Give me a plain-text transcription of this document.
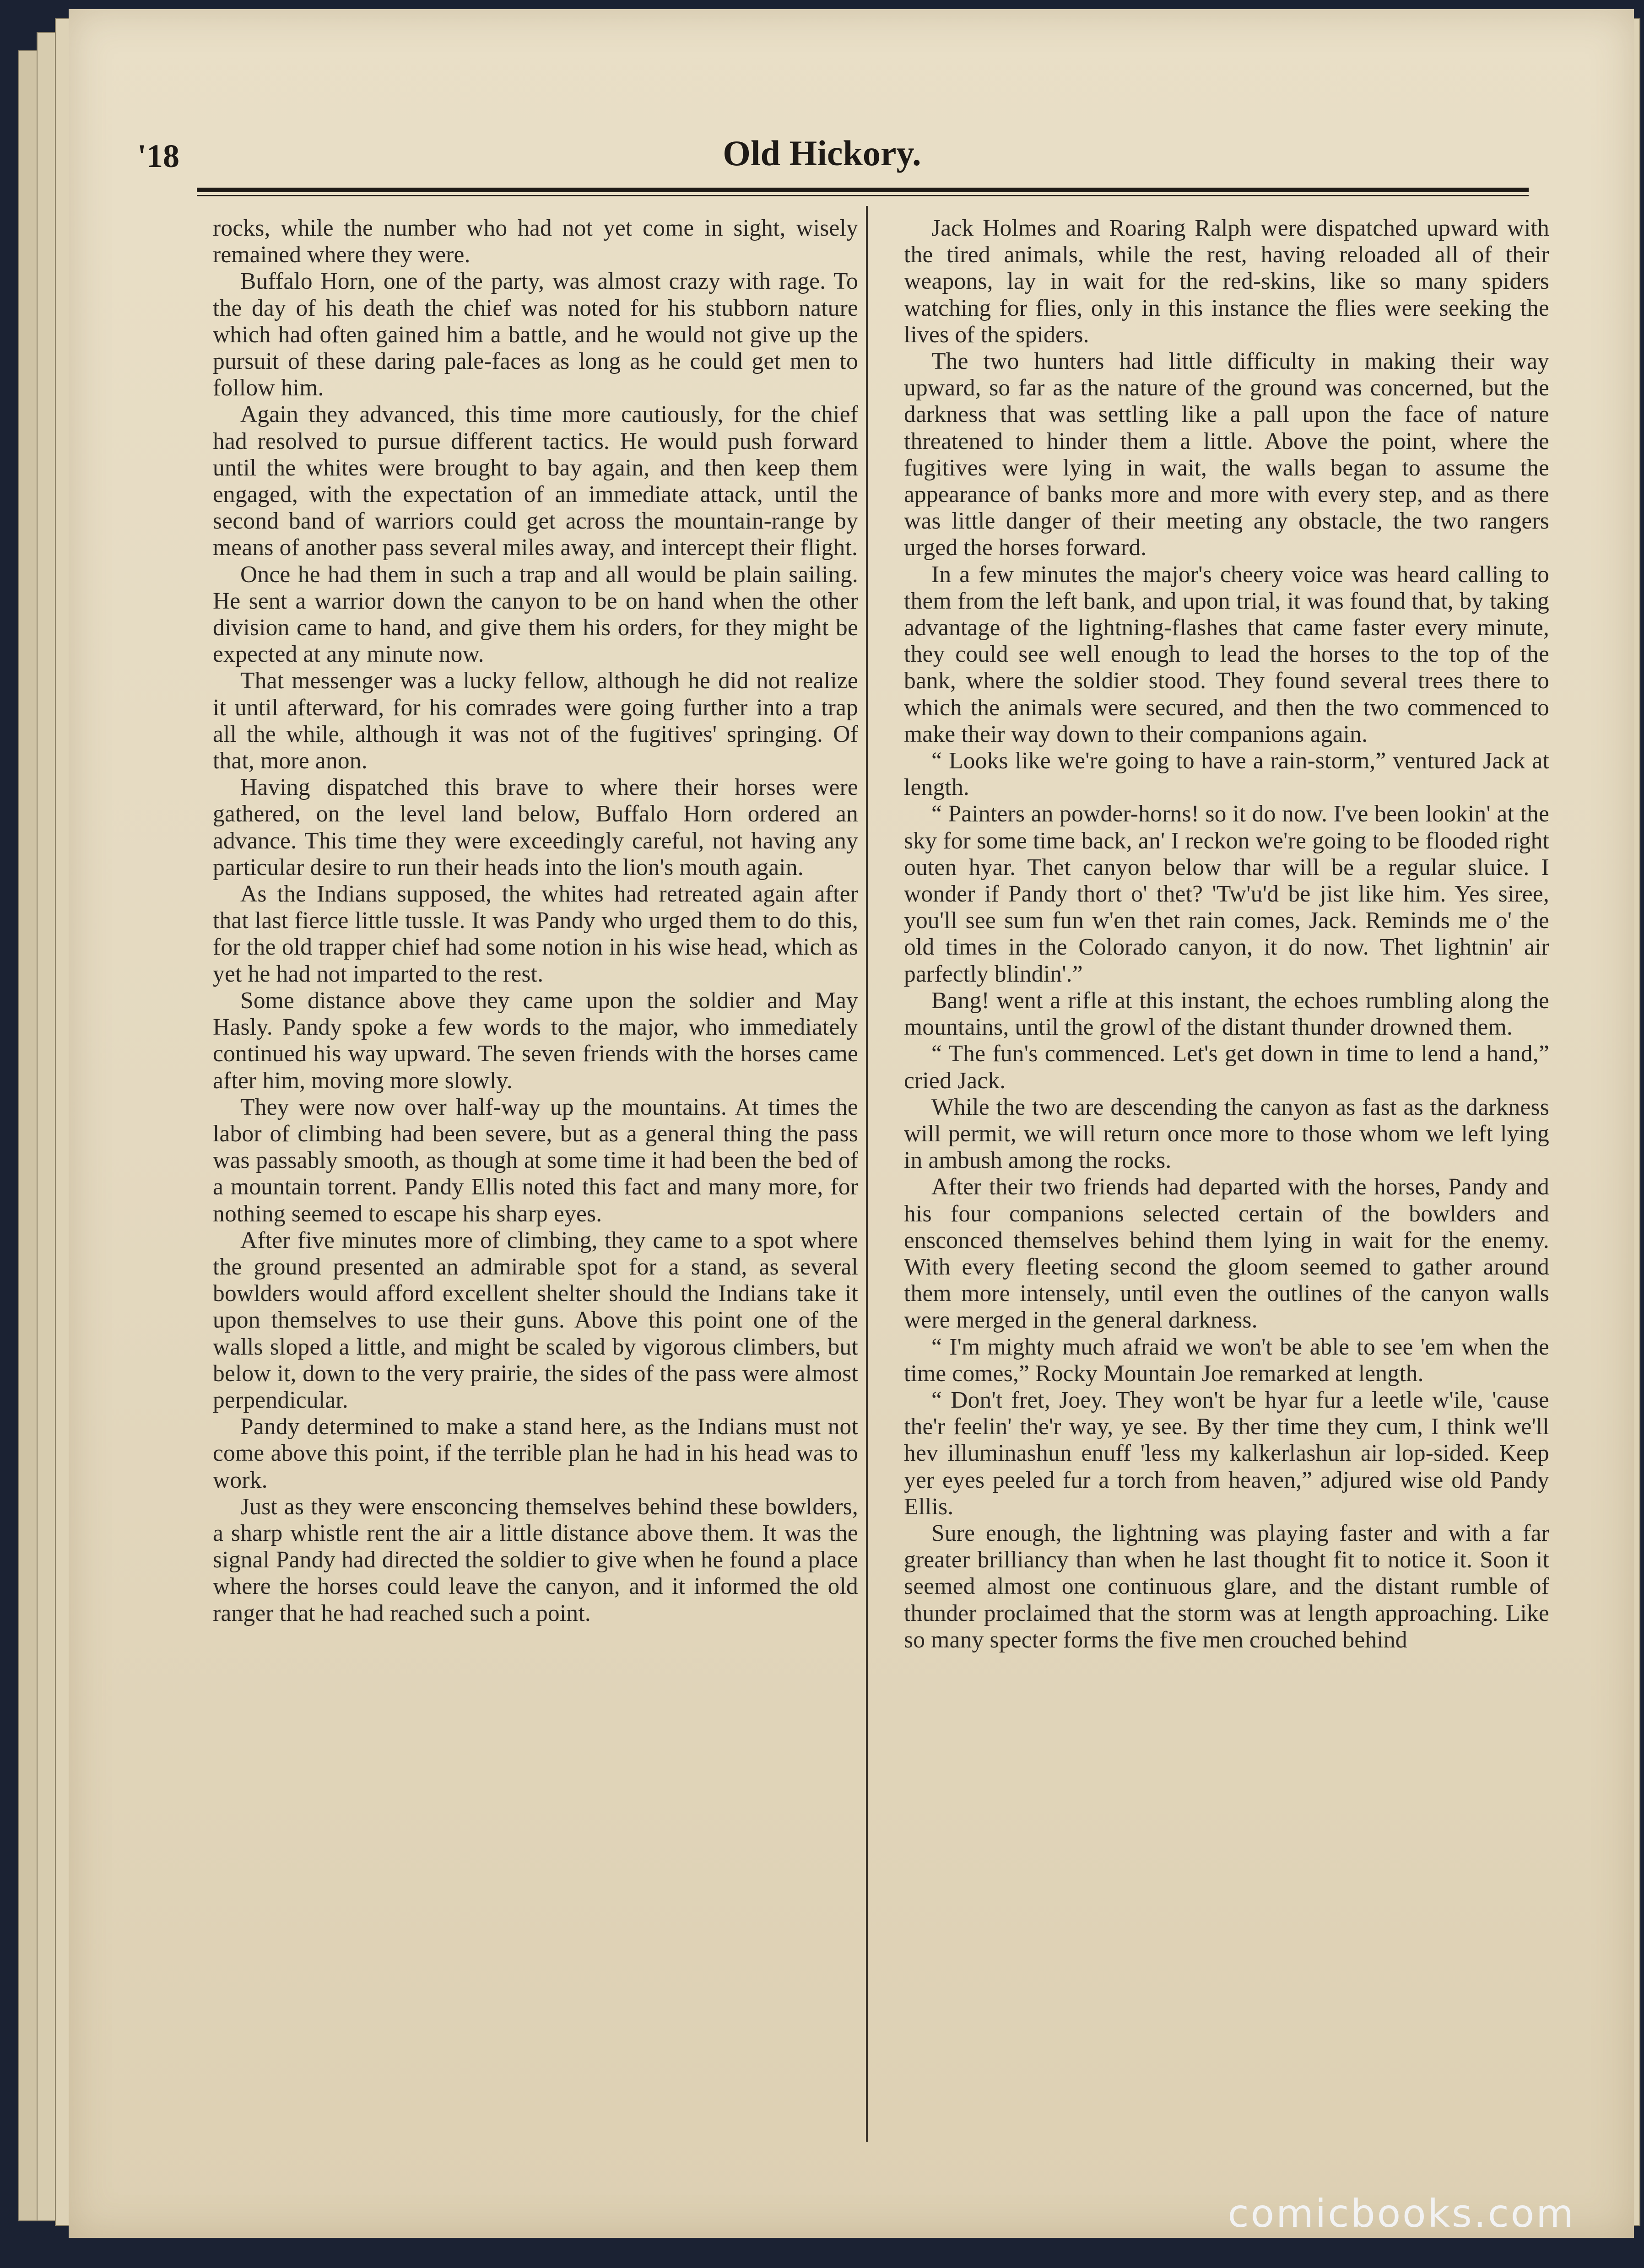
'18	Old Hickory.

rocks, while the number who had not yet come in sight, wisely remained where they were.

Buffalo Horn, one of the party, was almost crazy with rage. To the day of his death the chief was noted for his stubborn nature which had often gained him a battle, and he would not give up the pursuit of these daring pale-faces as long as he could get men to follow him.

Again they advanced, this time more cautiously, for the chief had resolved to pursue different tactics. He would push forward until the whites were brought to bay again, and then keep them engaged, with the expectation of an immediate attack, until the second band of warriors could get across the mountain-range by means of another pass several miles away, and intercept their flight.

Once he had them in such a trap and all would be plain sailing. He sent a warrior down the canyon to be on hand when the other division came to hand, and give them his orders, for they might be expected at any minute now.

That messenger was a lucky fellow, although he did not realize it until afterward, for his comrades were going further into a trap all the while, although it was not of the fugitives' springing. Of that, more anon.

Having dispatched this brave to where their horses were gathered, on the level land below, Buffalo Horn ordered an advance. This time they were exceedingly careful, not having any particular desire to run their heads into the lion's mouth again.

As the Indians supposed, the whites had retreated again after that last fierce little tussle. It was Pandy who urged them to do this, for the old trapper chief had some notion in his wise head, which as yet he had not imparted to the rest.

Some distance above they came upon the soldier and May Hasly. Pandy spoke a few words to the major, who immediately continued his way upward. The seven friends with the horses came after him, moving more slowly.

They were now over half-way up the mountains. At times the labor of climbing had been severe, but as a general thing the pass was passably smooth, as though at some time it had been the bed of a mountain torrent. Pandy Ellis noted this fact and many more, for nothing seemed to escape his sharp eyes.

After five minutes more of climbing, they came to a spot where the ground presented an admirable spot for a stand, as several bowlders would afford excellent shelter should the Indians take it upon themselves to use their guns. Above this point one of the walls sloped a little, and might be scaled by vigorous climbers, but below it, down to the very prairie, the sides of the pass were almost perpendicular.

Pandy determined to make a stand here, as the Indians must not come above this point, if the terrible plan he had in his head was to work.

Just as they were ensconcing themselves behind these bowlders, a sharp whistle rent the air a little distance above them. It was the signal Pandy had directed the soldier to give when he found a place where the horses could leave the canyon, and it informed the old ranger that he had reached such a point.

Jack Holmes and Roaring Ralph were dispatched upward with the tired animals, while the rest, having reloaded all of their weapons, lay in wait for the red-skins, like so many spiders watching for flies, only in this instance the flies were seeking the lives of the spiders.

The two hunters had little difficulty in making their way upward, so far as the nature of the ground was concerned, but the darkness that was settling like a pall upon the face of nature threatened to hinder them a little. Above the point, where the fugitives were lying in wait, the walls began to assume the appearance of banks more and more with every step, and as there was little danger of their meeting any obstacle, the two rangers urged the horses forward.

In a few minutes the major's cheery voice was heard calling to them from the left bank, and upon trial, it was found that, by taking advantage of the lightning-flashes that came faster every minute, they could see well enough to lead the horses to the top of the bank, where the soldier stood. They found several trees there to which the animals were secured, and then the two commenced to make their way down to their companions again.

“ Looks like we're going to have a rain-storm,” ventured Jack at length.

“ Painters an powder-horns! so it do now. I've been lookin' at the sky for some time back, an' I reckon we're going to be flooded right outen hyar. Thet canyon below thar will be a regular sluice. I wonder if Pandy thort o' thet? 'Tw'u'd be jist like him. Yes siree, you'll see sum fun w'en thet rain comes, Jack. Reminds me o' the old times in the Colorado canyon, it do now. Thet lightnin' air parfectly blindin'.”

Bang! went a rifle at this instant, the echoes rumbling along the mountains, until the growl of the distant thunder drowned them.

“ The fun's commenced. Let's get down in time to lend a hand,” cried Jack.

While the two are descending the canyon as fast as the darkness will permit, we will return once more to those whom we left lying in ambush among the rocks.

After their two friends had departed with the horses, Pandy and his four companions selected certain of the bowlders and ensconced themselves behind them lying in wait for the enemy. With every fleeting second the gloom seemed to gather around them more intensely, until even the outlines of the canyon walls were merged in the general darkness.

“ I'm mighty much afraid we won't be able to see 'em when the time comes,” Rocky Mountain Joe remarked at length.

“ Don't fret, Joey. They won't be hyar fur a leetle w'ile, 'cause the'r feelin' the'r way, ye see. By ther time they cum, I think we'll hev illuminashun enuff 'less my kalkerlashun air lop-sided. Keep yer eyes peeled fur a torch from heaven,” adjured wise old Pandy Ellis.

Sure enough, the lightning was playing faster and with a far greater brilliancy than when he last thought fit to notice it. Soon it seemed almost one continuous glare, and the distant rumble of thunder proclaimed that the storm was at length approaching. Like so many specter forms the five men crouched behind

comicbooks.com
